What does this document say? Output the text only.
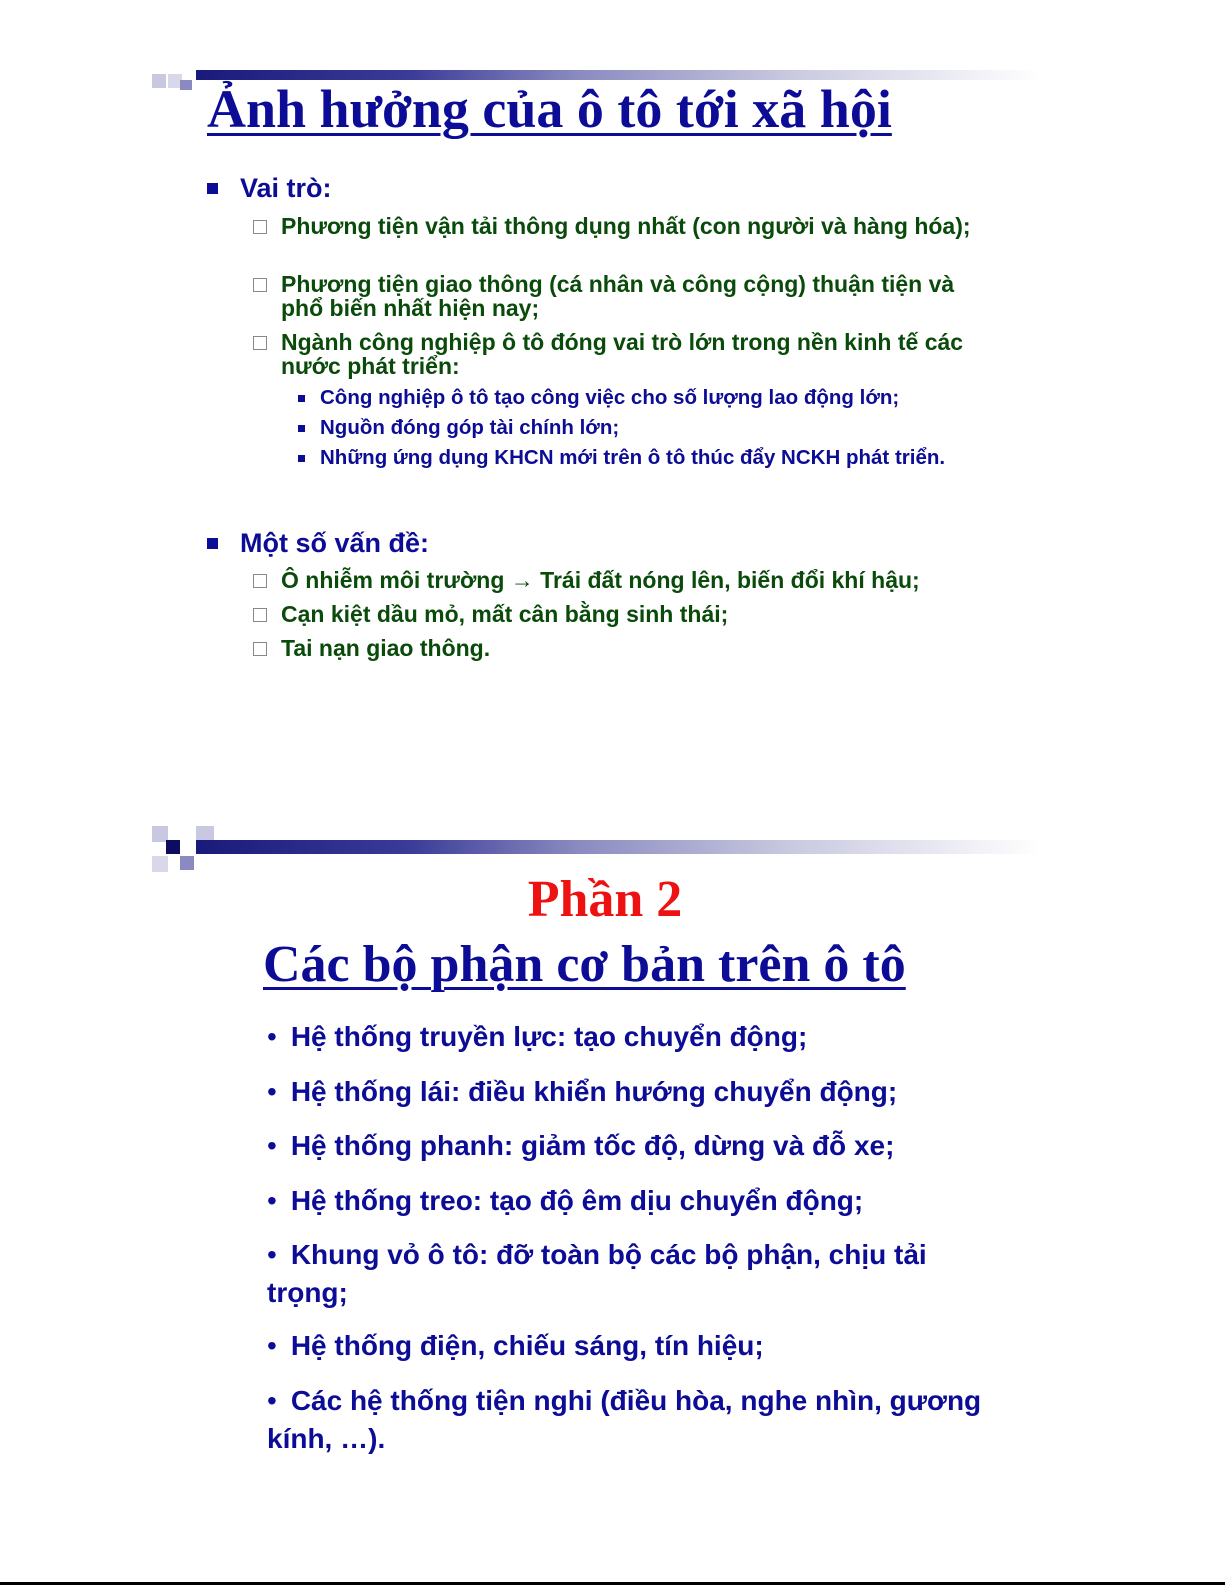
Ảnh hưởng của ô tô tới xã hội
Vai trò:
Phương tiện vận tải thông dụng nhất (con người và hàng hóa);
Phương tiện giao thông (cá nhân và công cộng) thuận tiện và phổ biến nhất hiện nay;
Ngành công nghiệp ô tô đóng vai trò lớn trong nền kinh tế các nước phát triển:
Công nghiệp ô tô tạo công việc cho số lượng lao động lớn;
Nguồn đóng góp tài chính lớn;
Những ứng dụng KHCN mới trên ô tô thúc đẩy NCKH phát triển.
Một số vấn đề:
Ô nhiễm môi trường → Trái đất nóng lên, biến đổi khí hậu;
Cạn kiệt dầu mỏ, mất cân bằng sinh thái;
Tai nạn giao thông.
Phần 2
Các bộ phận cơ bản trên ô tô
• Hệ thống truyền lực: tạo chuyển động;
• Hệ thống lái: điều khiển hướng chuyển động;
• Hệ thống phanh: giảm tốc độ, dừng và đỗ xe;
• Hệ thống treo: tạo độ êm dịu chuyển động;
• Khung vỏ ô tô: đỡ toàn bộ các bộ phận, chịu tải trọng;
• Hệ thống điện, chiếu sáng, tín hiệu;
• Các hệ thống tiện nghi (điều hòa, nghe nhìn, gương kính, …).
